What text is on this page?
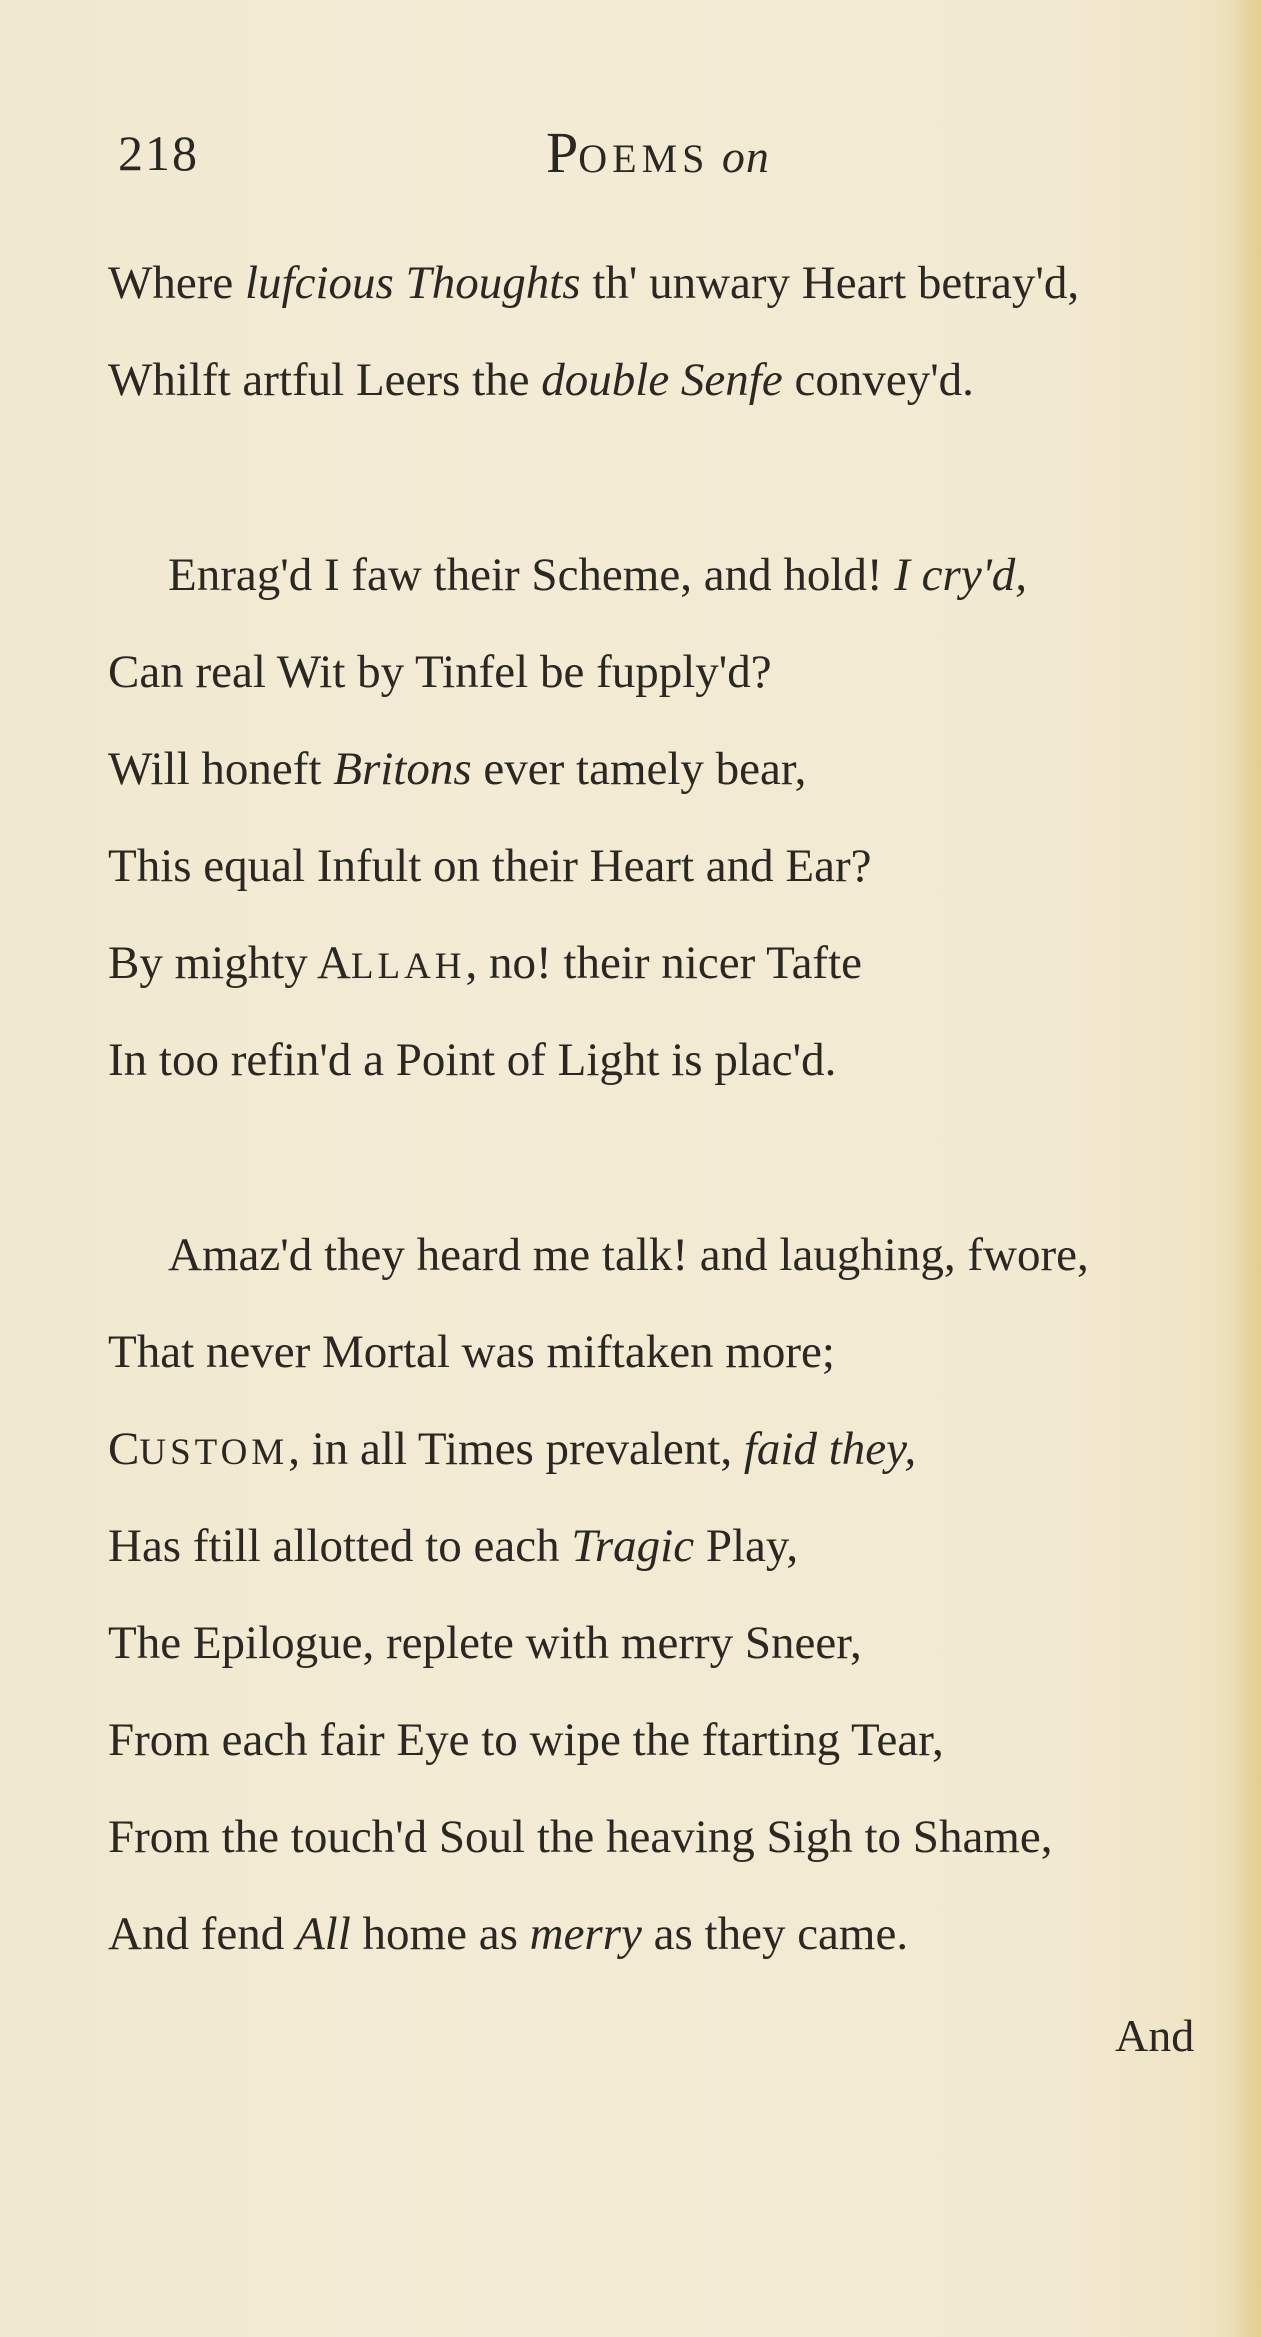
218	POEMS on
Where lufcious Thoughts th' unwary Heart betray'd,
Whilft artful Leers the double Senfe convey'd.
Enrag'd I faw their Scheme, and hold! I cry'd,
Can real Wit by Tinfel be fupply'd?
Will honeft Britons ever tamely bear,
This equal Infult on their Heart and Ear?
By mighty ALLAH, no! their nicer Tafte
In too refin'd a Point of Light is plac'd.
Amaz'd they heard me talk! and laughing, fwore,
That never Mortal was miftaken more;
CUSTOM, in all Times prevalent, faid they,
Has ftill allotted to each Tragic Play,
The Epilogue, replete with merry Sneer,
From each fair Eye to wipe the ftarting Tear,
From the touch'd Soul the heaving Sigh to Shame,
And fend All home as merry as they came.
And
